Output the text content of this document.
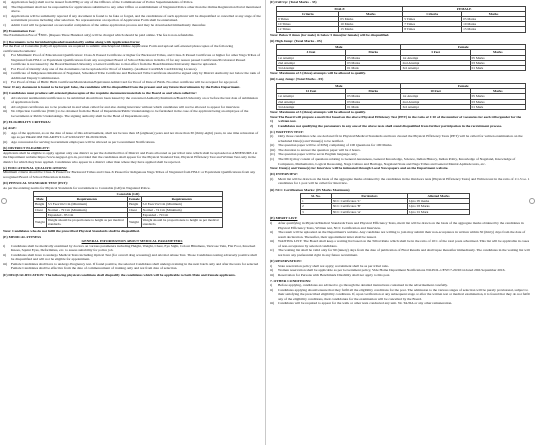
ii)	Application fee(s) shall not be issued from PHQ or any of the Officers of the Commissioner of Police Superintendents of Police.
iii)	The Department shall not be responsible for applications submitted to any other Office or establishment of Nagaland Police other than the Online Registration Portal mentioned above.
iv)	Applications will be summarily rejected if any document is found to be fake or forged, and the candidature of such applicant will be disqualified or cancelled at any stage of the recruitment process including after selection. No representation on rejection of Application Form shall be entertained.
v)	Admit Card will be generated on successful completion of the online application process and may be downloaded immediately thereafter.
(B) Examination Fee:

The Examination Fee of ₹300/- (Rupees Three Hundred only) will be charged which should be paid online. The fee is non-refundable.

(C) Documents to be furnished/uploaded mandatorily online along with Application Form:

For the Post of Constable (GD) all applicants are required to submit/ attach/upload Online Application Form and upload self-attested photocopies of the following certificates/documents:

i)	For Minimum/ Proof of Educational Qualification: Class-X Passed Certificate or higher for Backward Tribes, and Class-X Passed Certificate or higher for other Naga Tribes of Nagaland from HSLC or Equivalent Qualifications from any recognised Board of School Education in India. If for any reason passed Certificates/Provisional Passed Certificate is not issued by the Board/Institute/University a Letter/Certificate to that effect from the Board/Institute/University must be uploaded.
ii)	For Proof of Identity: Any one of the documents can be uploaded for Proof of Identity. (Aadhaar Card/PAN Card/Driving Licence).
iii)	Certificate of Indigenous Inhabitant of Nagaland, Scheduled Tribe Certificate and Backward Tribe Certificate should be signed only by District Authority not below the rank of Additional Deputy Commissioner.
iv)	For Proof of Date of Birth: Birth Certificate/Matriculation/Equivalent Admit Card for Proof of Date of Birth. No other certificate will be accepted for age proof.

Note: If any document is found to be forged/ false, the candidate will be disqualified from the present and any future Recruitments by the Police Department.

(D) Candidates must produce self-attested photocopies of the requisite documents/materials to the Board as and when called for:
i)	All relevant testimonials/certificates to be submitted should have been issued by the concerned Authority/Institution/Board/University on or before the last date of submission of application form.
ii)	All original certificates are to be produced in and when called for and also during interview without which candidates will not be allowed to appear for interview.
iii)	No Objection Certificate (NOC) to be obtained from the Head of Department/Public Undertakings to be furnished in the case of the applicant being an employee of the Government or Public Undertakings. The signing authority shall be the Head of Department only.
(E) ELIGIBILITY CRITERIA:
(a) AGE:
(i)	Age of the applicant, as on the date of issue of this advertisement, shall not be less than 18 (eighteen) years and not more than 30 (thirty-eight) years, in one time relaxation of age as per P&AR OM NO.AR/EST.1-4+4/2024/257 Dt.26/02/2024.
(ii)	Age concession for serving Government employees will be allowed as per Government Notifications.
(b) DISTRICT ELIGIBILITY:

Applicants shall be eligible to apply against only one district as per the domiciled list of District and Posts allocated as per tribal ratio which shall be uploaded as ANNEXURE-I at the Department website https://www.nagapol.gov.in, provided that the candidates shall appear for the Physical Standard Test, Physical Efficiency Test and Written Test only in the district for which they have applied. Candidates who appear in a district other than where they have applied shall be rejected.

(c) EDUCATIONAL QUALIFICATIONS:

Minimum criteria should be Class-X Passed for Backward Tribes and Class-X Passed for Indigenous Naga Tribes of Nagaland from HSLC or Equivalent Qualifications from any recognised Board of School Education in India.

(D) PHYSICAL STANDARD TEST (PST):

As per the existing norms for Physical Standards for recruitment to Constable (GD) in Nagaland Police.

Constable (GD)			
Male	Requirements	Female	Requirements
Height	5.5 Feet/162 Cm (Minimum)	Height	5.0 Feet/152 Cm (Minimum)
Chest	Normal - 79 Cm (Minimum)	Chest	Normal - 74 Cm (Minimum)
	Expanded - 83 Cm		Expanded - 79 Cm
Weight	Weight should be proportionate to height as per medical standards.	Weight	Weight should be proportionate to height as per medical standards.

Note: Candidates who do not fulfil the prescribed Physical Standards shall be disqualified.

(E) MEDICAL FITNESS
GENERAL INFORMATION ABOUT MEDICAL PARAMETERS
i)	Candidates shall be medically examined by doctors on various parameters including Height, Weight, Chest, Eye Sight, Colour Blindness, Varicose Vein, Flat Foot, Knocked Knees, Squint Eyes, Deformities, etc. to assess suitability for police job.
ii)	Candidates shall have to undergo Medical Tests including Optical Test (for overall drug screening) and Alcohol Abuse Test. Those Candidates testing adversely positive shall be disqualified and will not be eligible for appointment.
iii)	Female Candidates shall have to undergo Pregnancy test. If found positive, the selected Candidates shall undergo training in the next batch only and after the tests for selected Female Candidates shall be effective from the date of commencement of training only and not from date of selection.
(F) DISQUALIFICATION: The following physical conditions shall disqualify the candidates which will be applicable to both Male and Female applicants.
(F) Full Up: (Total Marks - 35)
MALE		FEMALE	
Criteria	Marks	Criteria	Marks
9 Times	05 Marks	5 Times	05 Marks
10 Times	10 Marks	7 Times	10 Marks
12 Times	15 Marks	8 Times	15 Marks

Note: Below 8 times (for male) & below 5 times(for female) will be disqualified.

(ii) High Jump: (Total Marks - 05)
Male		Female	
4 Feet	Marks	3 Feet	Marks
1st Attempt	05 Marks	1st Attempt	05 Marks
2nd Attempt	03 Marks	2nd Attempt	03 Marks
3rd Attempt	01 Mark	3rd Attempt	01 Mark

Note: Maximum of 3 (three) attempts will be allowed to qualify.

(iii) Long Jump: (Total Marks - 05)
Male		Female	
12 Feet	Marks	10 Feet	Marks
1st Attempt	05 Marks	1st Attempt	05 Marks
2nd Attempt	03 Marks	2nd Attempt	03 Marks
3rd Attempt	01 Mark	3rd Attempt	01 Mark

Note: Maximum of 3 (three) attempts will be allowed to qualify.

Note: 1)
The Board will prepare a merit list based on the above Physical Efficiency Test (PET) in the ratio of 1:10 of the number of vacancies for each tribe/gender for the written test.
2)	Candidates not qualifying the parameters in any one of the above tests shall stand disqualified from further participation in the recruitment process.
(C) WRITTEN TEST:
(i)	Only those candidates who are declared fit in Physical/Medical Standards and have cleared the Physical Efficiency Tests (PET) will be called for written examination on the scheduled Date(s) and Venue(s) to be notified.
(ii)	The question paper will be of MSQ comprising of 100 Questions for 100 Marks.
(iii) The duration to answer the question paper will be 2 hours.
(iv) The question paper will be set in English language only.
(v)	The MCQ may consist of questions relating to General Awareness, General Knowledge, Science, Indian History, Indian Polity, Knowledge of Nagaland, Knowledge of Computers, Mathematics, Logical Reasoning, Naga Culture and Heritage, Nagaland State and Naga Tribes and General Mental Aptitude tests, etc.

Note: Date(s) and Venue(s) for Interview will be intimated through Local Newspapers and on the Department website.

(D) INTERVIEW:
(i)	Merit list will be drawn on the basis of the aggregate marks obtained by the candidates in the Outdoors tests (Physical Efficiency Tests) and Written test in the ratio of 1:1.5 i.e. 1 candidates for 1 post will be called for Interview.
(ii) NCC Certification Marks: (05 Marks Maximum)
Sl. No.	Particulars	Allotted Marks
1	NCC Certificates 'C'	Upto 05 marks
2	NCC Certificates 'B'	Upto 03 Marks
3	NCC Certificates 'A'	Upto 01 Mark
(E) MERIT LIST:
i)	After qualifying in Physical/Medical Standards Tests and Physical Efficiency Tests, merit list will be drawn on the basis of the aggregate marks obtained by the candidates in Physical Efficiency Tests, Written test, NCC Certification and Interview.
ii)	The result will be uploaded on the Department's website. Any candidate not willing to join may submit their non-acceptance in written within 30 (thirty) days from the date of result declaration. Thereafter, their appointment letter shall be issued.
iii)	WAITING LIST: The Board shall keep a waiting list based on the Tribal Ratio which shall be in the ratio of 10:1 of the total posts advertised. This list will be applicable in cases of non-acceptance by selected candidates.
iv)	The waiting list shall be valid only for 90 (ninety) days from the date of publication of Final Results and shall lapse thereafter immediately. The candidates in the waiting list will not have any preferential right in any future recruitment.
(F) RESERVATION:
i)	State reservation policy shall not apply; recruitment shall be as per tribal ratio.
ii)	Women reservation shall be applicable as per Government policy, Vide Home Department Notifications NO.POL-1/EST/7-20/2014 dated 29th September 2016.
iii)	Reservation for Persons with Benchmark Disability shall not apply to this post.
7. OTHER CONDITIONS:
i)	Before applying, candidates are advised to go through the detailed instructions contained in the advertisement carefully.
ii)	Candidates applying should ensure that they fulfil all the eligibility conditions for the post. The admission to the various stages of selection will be purely provisional, subject to their satisfying the prescribed eligibility conditions. If, upon verification at any subsequent stage or after the written test or medical examination, it is found that they do not fulfil any of the eligibility conditions, their candidature for the examination will be cancelled by the Board.
iii)	Candidates will be required to appear for the walk or other tests conducted any unit. No TA/DA or any other remuneration.
